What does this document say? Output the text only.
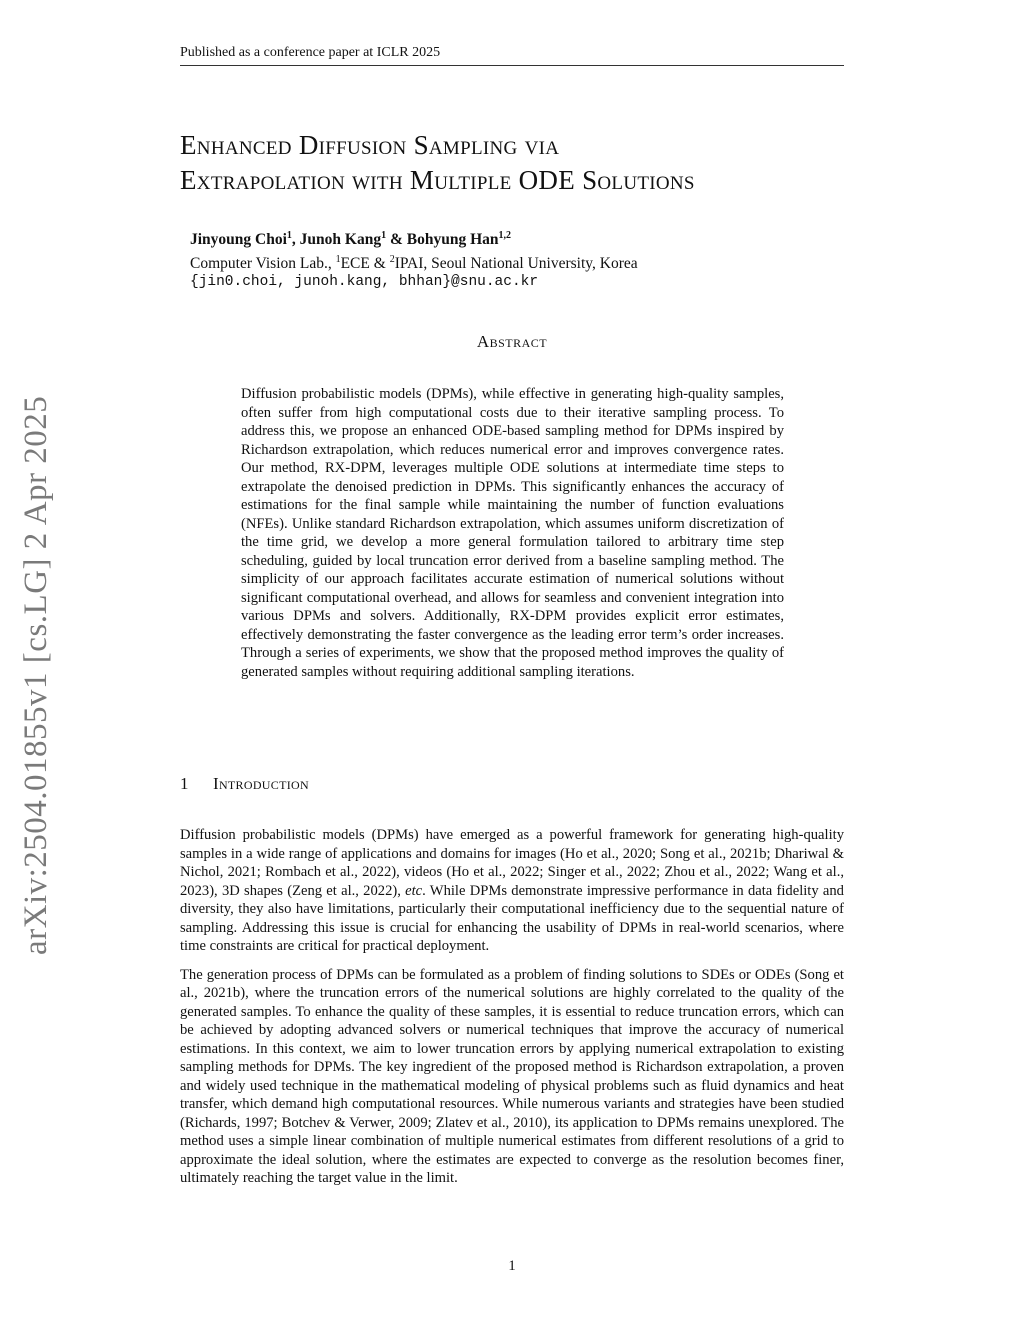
Published as a conference paper at ICLR 2025
arXiv:2504.01855v1 [cs.LG] 2 Apr 2025
Enhanced Diffusion Sampling via
Extrapolation with Multiple ODE Solutions
Jinyoung Choi$^1$, Junoh Kang$^1$ & Bohyung Han$^{1,2}$
Computer Vision Lab., $^1$ECE & $^2$IPAI, Seoul National University, Korea
{jin0.choi, junoh.kang, bhhan}@snu.ac.kr
Abstract
Diffusion probabilistic models (DPMs), while effective in generating high-quality samples, often suffer from high computational costs due to their iterative sampling process. To address this, we propose an enhanced ODE-based sampling method for DPMs inspired by Richardson extrapolation, which reduces numerical error and improves convergence rates. Our method, RX-DPM, leverages multiple ODE solutions at intermediate time steps to extrapolate the denoised prediction in DPMs. This significantly enhances the accuracy of estimations for the final sample while maintaining the number of function evaluations (NFEs). Unlike standard Richardson extrapolation, which assumes uniform discretization of the time grid, we develop a more general formulation tailored to arbitrary time step scheduling, guided by local truncation error derived from a baseline sampling method. The simplicity of our approach facilitates accurate estimation of numerical solutions without significant computational overhead, and allows for seamless and convenient integration into various DPMs and solvers. Additionally, RX-DPM provides explicit error estimates, effectively demonstrating the faster convergence as the leading error term’s order increases. Through a series of experiments, we show that the proposed method improves the quality of generated samples without requiring additional sampling iterations.
1 Introduction

Diffusion probabilistic models (DPMs) have emerged as a powerful framework for generating high-quality samples in a wide range of applications and domains for images (Ho et al., 2020; Song et al., 2021b; Dhariwal & Nichol, 2021; Rombach et al., 2022), videos (Ho et al., 2022; Singer et al., 2022; Zhou et al., 2022; Wang et al., 2023), 3D shapes (Zeng et al., 2022), etc. While DPMs demonstrate impressive performance in data fidelity and diversity, they also have limitations, particularly their computational inefficiency due to the sequential nature of sampling. Addressing this issue is crucial for enhancing the usability of DPMs in real-world scenarios, where time constraints are critical for practical deployment.

The generation process of DPMs can be formulated as a problem of finding solutions to SDEs or ODEs (Song et al., 2021b), where the truncation errors of the numerical solutions are highly correlated to the quality of the generated samples. To enhance the quality of these samples, it is essential to reduce truncation errors, which can be achieved by adopting advanced solvers or numerical techniques that improve the accuracy of numerical estimations. In this context, we aim to lower truncation errors by applying numerical extrapolation to existing sampling methods for DPMs. The key ingredient of the proposed method is Richardson extrapolation, a proven and widely used technique in the mathematical modeling of physical problems such as fluid dynamics and heat transfer, which demand high computational resources. While numerous variants and strategies have been studied (Richards, 1997; Botchev & Verwer, 2009; Zlatev et al., 2010), its application to DPMs remains unexplored. The method uses a simple linear combination of multiple numerical estimates from different resolutions of a grid to approximate the ideal solution, where the estimates are expected to converge as the resolution becomes finer, ultimately reaching the target value in the limit.

1
